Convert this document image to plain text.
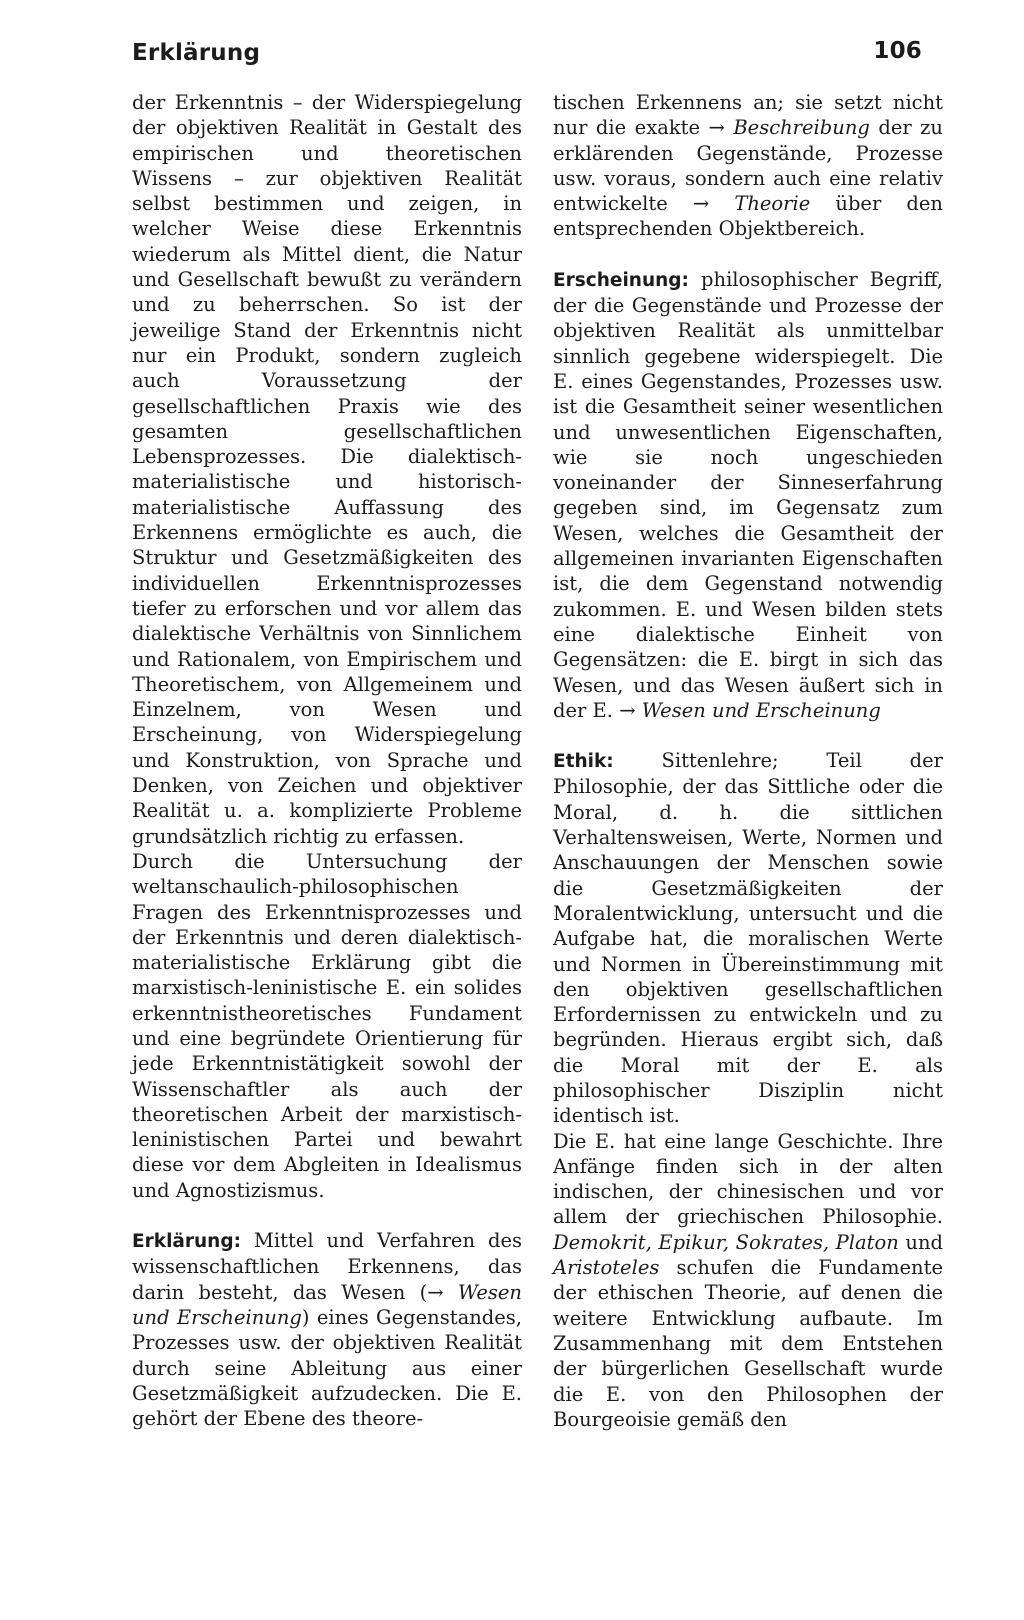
Erklärung	106

der Erkenntnis – der Widerspiegelung der objektiven Realität in Gestalt des empirischen und theoretischen Wissens – zur objektiven Realität selbst bestimmen und zeigen, in welcher Weise diese Erkenntnis wiederum als Mittel dient, die Natur und Gesellschaft bewußt zu verändern und zu beherrschen. So ist der jeweilige Stand der Erkenntnis nicht nur ein Produkt, sondern zugleich auch Voraussetzung der gesellschaftlichen Praxis wie des gesamten gesellschaftlichen Lebensprozesses. Die dialektisch-materialistische und historisch-materialistische Auffassung des Erkennens ermöglichte es auch, die Struktur und Gesetzmäßigkeiten des individuellen Erkenntnisprozesses tiefer zu erforschen und vor allem das dialektische Verhältnis von Sinnlichem und Rationalem, von Empirischem und Theoretischem, von Allgemeinem und Einzelnem, von Wesen und Erscheinung, von Widerspiegelung und Konstruktion, von Sprache und Denken, von Zeichen und objektiver Realität u. a. komplizierte Probleme grundsätzlich richtig zu erfassen.

Durch die Untersuchung der weltanschaulich-philosophischen Fragen des Erkenntnisprozesses und der Erkenntnis und deren dialektisch-materialistische Erklärung gibt die marxistisch-leninistische E. ein solides erkenntnistheoretisches Fundament und eine begründete Orientierung für jede Erkenntnistätigkeit sowohl der Wissenschaftler als auch der theoretischen Arbeit der marxistisch-leninistischen Partei und bewahrt diese vor dem Abgleiten in Idealismus und Agnostizismus.

Erklärung: Mittel und Verfahren des wissenschaftlichen Erkennens, das darin besteht, das Wesen (→ Wesen und Erscheinung) eines Gegenstandes, Prozesses usw. der objektiven Realität durch seine Ableitung aus einer Gesetzmäßigkeit aufzudecken. Die E. gehört der Ebene des theore-

tischen Erkennens an; sie setzt nicht nur die exakte → Beschreibung der zu erklärenden Gegenstände, Prozesse usw. voraus, sondern auch eine relativ entwickelte → Theorie über den entsprechenden Objektbereich.

Erscheinung: philosophischer Begriff, der die Gegenstände und Prozesse der objektiven Realität als unmittelbar sinnlich gegebene widerspiegelt. Die E. eines Gegenstandes, Prozesses usw. ist die Gesamtheit seiner wesentlichen und unwesentlichen Eigenschaften, wie sie noch ungeschieden voneinander der Sinneserfahrung gegeben sind, im Gegensatz zum Wesen, welches die Gesamtheit der allgemeinen invarianten Eigenschaften ist, die dem Gegenstand notwendig zukommen. E. und Wesen bilden stets eine dialektische Einheit von Gegensätzen: die E. birgt in sich das Wesen, und das Wesen äußert sich in der E. → Wesen und Erscheinung

Ethik: Sittenlehre; Teil der Philosophie, der das Sittliche oder die Moral, d. h. die sittlichen Verhaltensweisen, Werte, Normen und Anschauungen der Menschen sowie die Gesetzmäßigkeiten der Moralentwicklung, untersucht und die Aufgabe hat, die moralischen Werte und Normen in Übereinstimmung mit den objektiven gesellschaftlichen Erfordernissen zu entwickeln und zu begründen. Hieraus ergibt sich, daß die Moral mit der E. als philosophischer Disziplin nicht identisch ist.

Die E. hat eine lange Geschichte. Ihre Anfänge finden sich in der alten indischen, der chinesischen und vor allem der griechischen Philosophie. Demokrit, Epikur, Sokrates, Platon und Aristoteles schufen die Fundamente der ethischen Theorie, auf denen die weitere Entwicklung aufbaute. Im Zusammenhang mit dem Entstehen der bürgerlichen Gesellschaft wurde die E. von den Philosophen der Bourgeoisie gemäß den
